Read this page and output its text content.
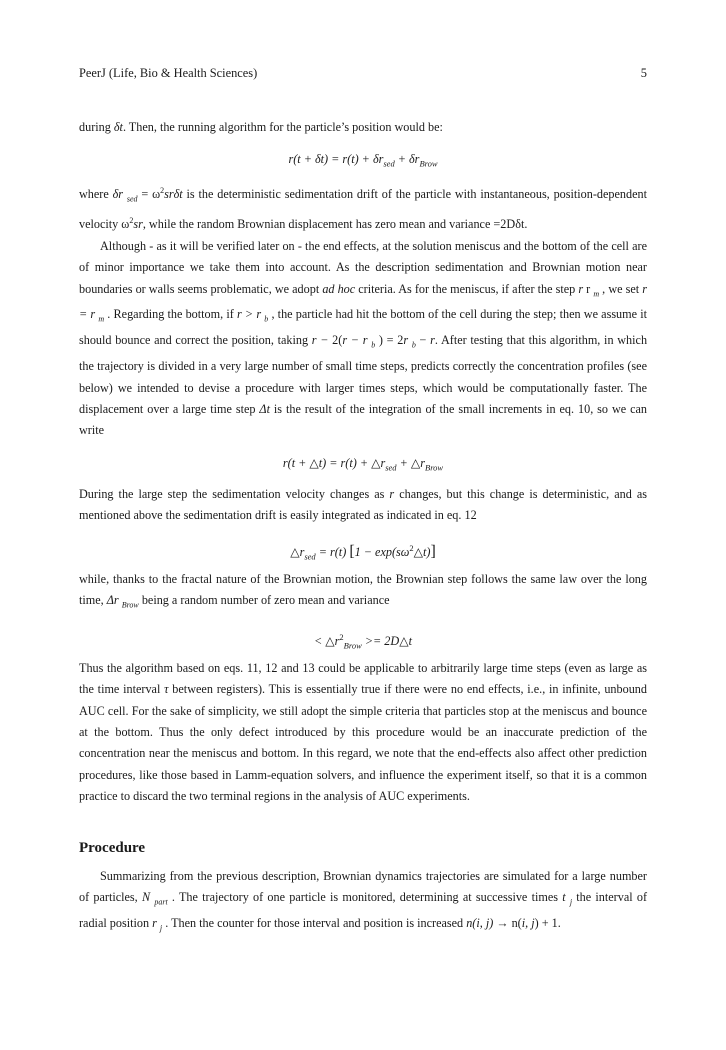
PeerJ (Life, Bio & Health Sciences)	5

during δt. Then, the running algorithm for the particle’s position would be:

$r(t + \delta t) = r(t) + \delta r_{sed} + \delta r_{Brow}$

where δr $_{sed} = \omega^2sr\delta t$ is the deterministic sedimentation drift of the particle with instantaneous, position-dependent velocity $\omega^2sr$, while the random Brownian displacement has zero mean and variance =2Dδt.

Although - as it will be verified later on - the end effects, at the solution meniscus and the bottom of the cell are of minor importance we take them into account. As the description sedimentation and Brownian motion near boundaries or walls seems problematic, we adopt ad hoc criteria. As for the meniscus, if after the step r r $_m$ , we set r = r $_m$ . Regarding the bottom, if r > r $_b$ , the particle had hit the bottom of the cell during the step; then we assume it should bounce and correct the position, taking r − 2(r − r $_b$ ) = 2r $_b$ − r. After testing that this algorithm, in which the trajectory is divided in a very large number of small time steps, predicts correctly the concentration profiles (see below) we intended to devise a procedure with larger times steps, which would be computationally faster. The displacement over a large time step Δt is the result of the integration of the small increments in eq. 10, so we can write

r(t + △t) = $r(t) + \triangle r_{sed}$ + $\triangle r_{Brow}$

During the large step the sedimentation velocity changes as r changes, but this change is deterministic, and as mentioned above the sedimentation drift is easily integrated as indicated in eq. 12

$\triangle r_{sed} = r(t) [1$ − $\exp(s\omega^2\triangle t)$]

while, thanks to the fractal nature of the Brownian motion, the Brownian step follows the same law over the long time, Δr $_{Brow}$ being a random number of zero mean and variance

< $\triangle r^2_{Brow}$ >= 2D△t

Thus the algorithm based on eqs. 11, 12 and 13 could be applicable to arbitrarily large time steps (even as large as the time interval τ between registers). This is essentially true if there were no end effects, i.e., in infinite, unbound AUC cell. For the sake of simplicity, we still adopt the simple criteria that particles stop at the meniscus and bounce at the bottom. Thus the only defect introduced by this procedure would be an inaccurate prediction of the concentration near the meniscus and bottom. In this regard, we note that the end-effects also affect other prediction procedures, like those based in Lamm-equation solvers, and influence the experiment itself, so that it is a common practice to discard the two terminal regions in the analysis of AUC experiments.

Procedure

Summarizing from the previous description, Brownian dynamics trajectories are simulated for a large number of particles, N $_{part}$ . The trajectory of one particle is monitored, determining at successive times t $_j$ the interval of radial position r $_j$ . Then the counter for those interval and position is increased n(i, j) → n(i, j) + 1.
